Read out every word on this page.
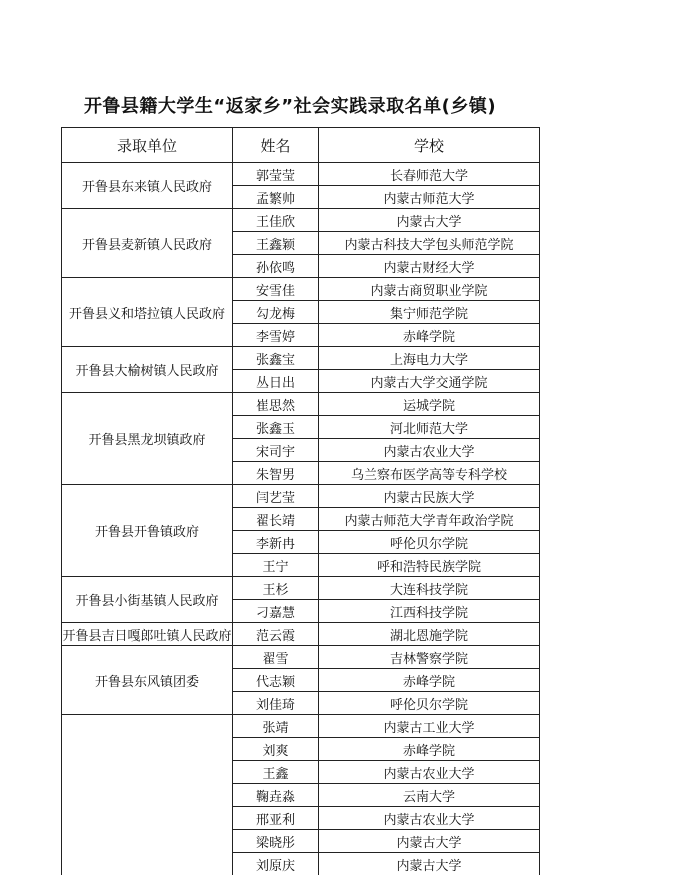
开鲁县籍大学生“返家乡”社会实践录取名单(乡镇)
录取单位	姓名	学校
开鲁县东来镇人民政府	郭莹莹	长春师范大学
	孟繁帅	内蒙古师范大学
开鲁县麦新镇人民政府	王佳欣	内蒙古大学
	王鑫颖	内蒙古科技大学包头师范学院
	孙依鸣	内蒙古财经大学
开鲁县义和塔拉镇人民政府	安雪佳	内蒙古商贸职业学院
	勾龙梅	集宁师范学院
	李雪婷	赤峰学院
开鲁县大榆树镇人民政府	张鑫宝	上海电力大学
	丛日出	内蒙古大学交通学院
开鲁县黑龙坝镇政府	崔思然	运城学院
	张鑫玉	河北师范大学
	宋司宇	内蒙古农业大学
	朱智男	乌兰察布医学高等专科学校
开鲁县开鲁镇政府	闫艺莹	内蒙古民族大学
	翟长靖	内蒙古师范大学青年政治学院
	李新冉	呼伦贝尔学院
	王宁	呼和浩特民族学院
开鲁县小街基镇人民政府	王杉	大连科技学院
	刁嘉慧	江西科技学院
开鲁县吉日嘎郎吐镇人民政府	范云霞	湖北恩施学院
开鲁县东风镇团委	翟雪	吉林警察学院
	代志颖	赤峰学院
	刘佳琦	呼伦贝尔学院
	张靖	内蒙古工业大学
	刘爽	赤峰学院
	王鑫	内蒙古农业大学
	鞠垚淼	云南大学
	邢亚利	内蒙古农业大学
	梁晓彤	内蒙古大学
	刘原庆	内蒙古大学
